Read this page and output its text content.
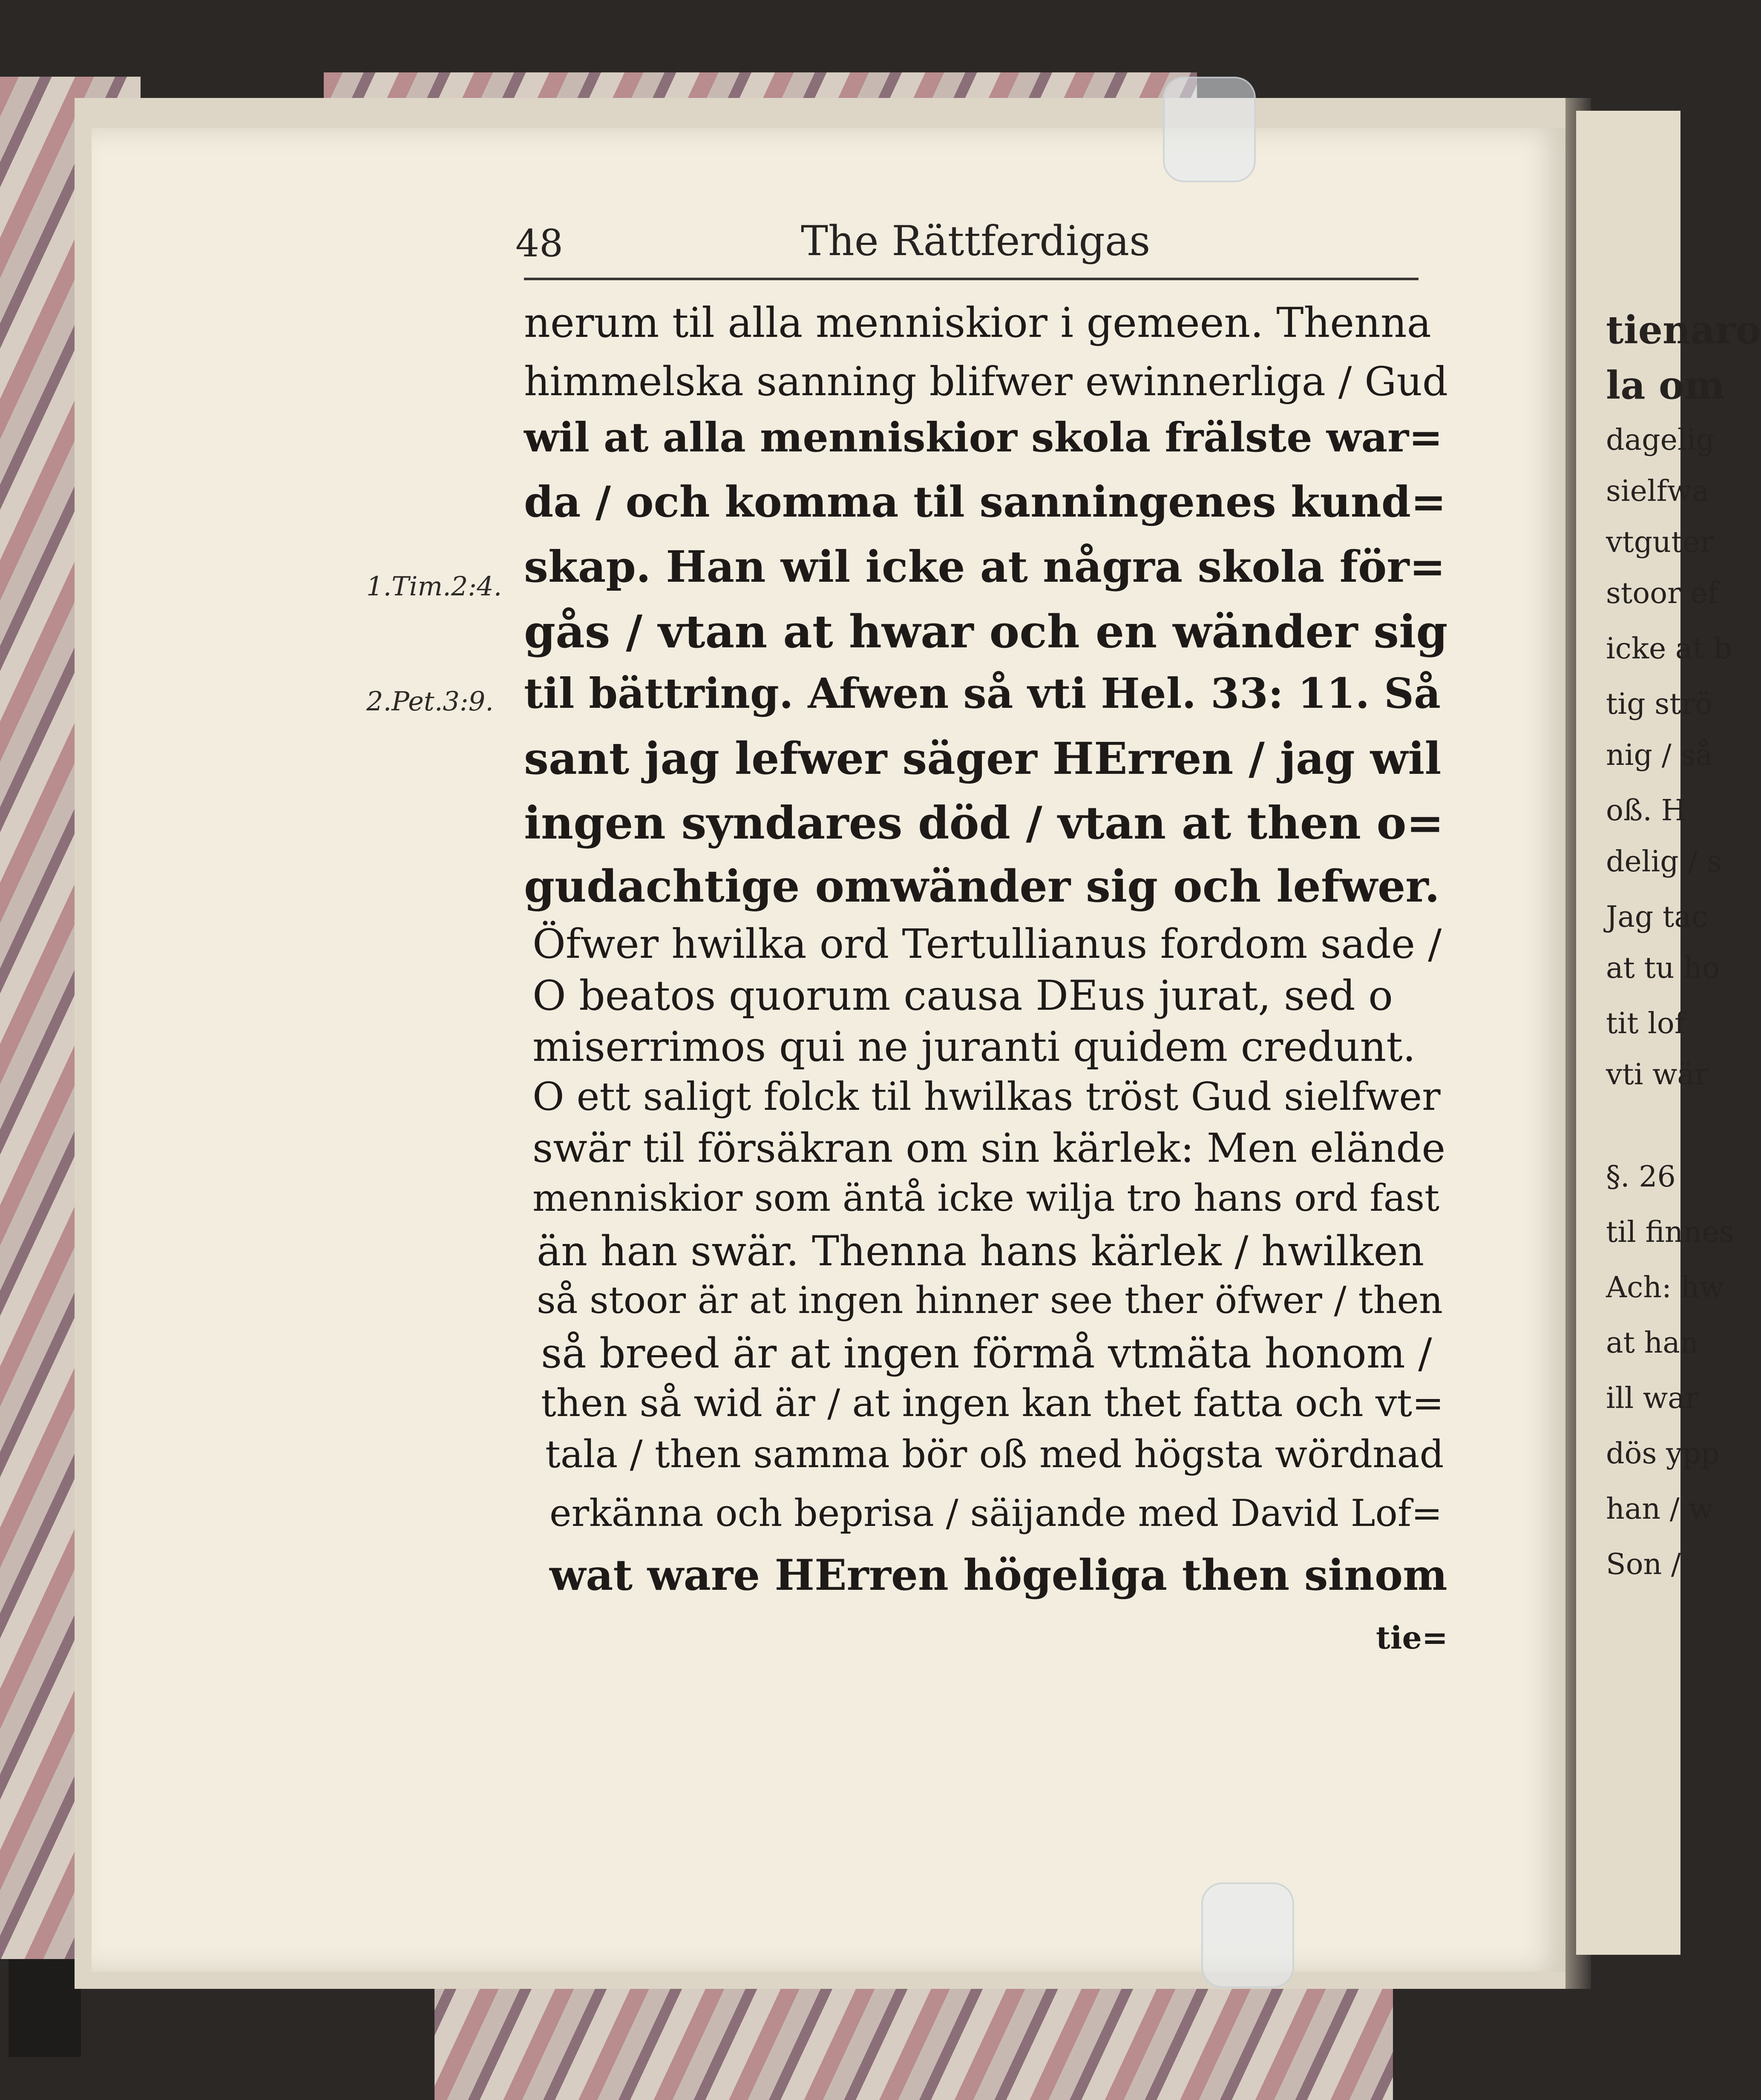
tienaro
la om
dagelig
sielfwa
vtguter
stoor ef
icke at b
tig strö
nig / så
oß. H
delig / s
Jag tac
at tu ho
tit lof
vti wär
§. 26
til finnes
Ach: hw
at han
ill war
dös ypp
han / w
Son /
48	The Rättferdigas
1.Tim.2:4.
2.Pet.3:9.
nerum til alla menniskior i gemeen. Thenna
himmelska sanning blifwer ewinnerliga / Gud
wil at alla menniskior skola frälste war=
da / och komma til sanningenes kund=
skap. Han wil icke at några skola för=
gås / vtan at hwar och en wänder sig
til bättring. Afwen så vti Hel. 33: 11. Så
sant jag lefwer säger HErren / jag wil
ingen syndares död / vtan at then o=
gudachtige omwänder sig och lefwer.
Öfwer hwilka ord Tertullianus fordom sade /
O beatos quorum causa DEus jurat, sed o
miserrimos qui ne juranti quidem credunt.
O ett saligt folck til hwilkas tröst Gud sielfwer
swär til försäkran om sin kärlek: Men elände
menniskior som äntå icke wilja tro hans ord fast
än han swär. Thenna hans kärlek / hwilken
så stoor är at ingen hinner see ther öfwer / then
så breed är at ingen förmå vtmäta honom /
then så wid är / at ingen kan thet fatta och vt=
tala / then samma bör oß med högsta wördnad
erkänna och beprisa / säijande med David Lof=
wat ware HErren högeliga then sinom
tie=
